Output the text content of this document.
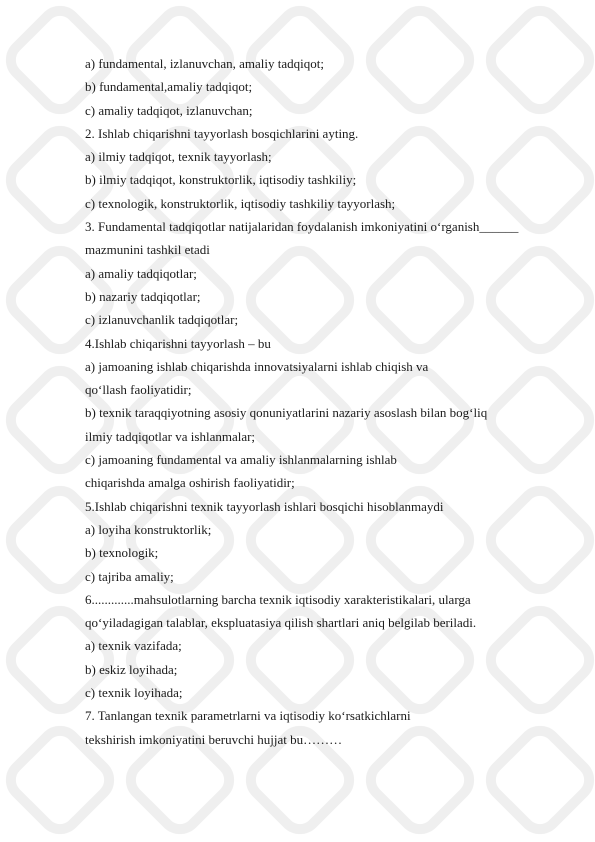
a) fundamental, izlanuvchan, amaliy tadqiqot;
b) fundamental,amaliy tadqiqot;
c) amaliy tadqiqot, izlanuvchan;
2. Ishlab chiqarishni tayyorlash bosqichlarini ayting.
a) ilmiy tadqiqot, texnik tayyorlash;
b) ilmiy tadqiqot, konstruktorlik, iqtisodiy tashkiliy;
c) texnologik, konstruktorlik, iqtisodiy tashkiliy tayyorlash;
3. Fundamental tadqiqotlar natijalaridan foydalanish imkoniyatini o‘rganish______
mazmunini tashkil etadi
a) amaliy tadqiqotlar;
b) nazariy tadqiqotlar;
c) izlanuvchanlik tadqiqotlar;
4.Ishlab chiqarishni tayyorlash – bu
a) jamoaning ishlab chiqarishda innovatsiyalarni ishlab chiqish va
qo‘llash faoliyatidir;
b) texnik taraqqiyotning asosiy qonuniyatlarini nazariy asoslash bilan bog‘liq
ilmiy tadqiqotlar va ishlanmalar;
c) jamoaning fundamental va amaliy ishlanmalarning ishlab
chiqarishda amalga oshirish faoliyatidir;
5.Ishlab chiqarishni texnik tayyorlash ishlari bosqichi hisoblanmaydi
a) loyiha konstruktorlik;
b) texnologik;
c) tajriba amaliy;
6.............mahsulotlarning barcha texnik iqtisodiy xarakteristikalari, ularga
qo‘yiladagigan talablar, ekspluatasiya qilish shartlari aniq belgilab beriladi.
a) texnik vazifada;
b) eskiz loyihada;
c) texnik loyihada;
7. Tanlangan texnik parametrlarni va iqtisodiy ko‘rsatkichlarni
tekshirish imkoniyatini beruvchi hujjat bu………
